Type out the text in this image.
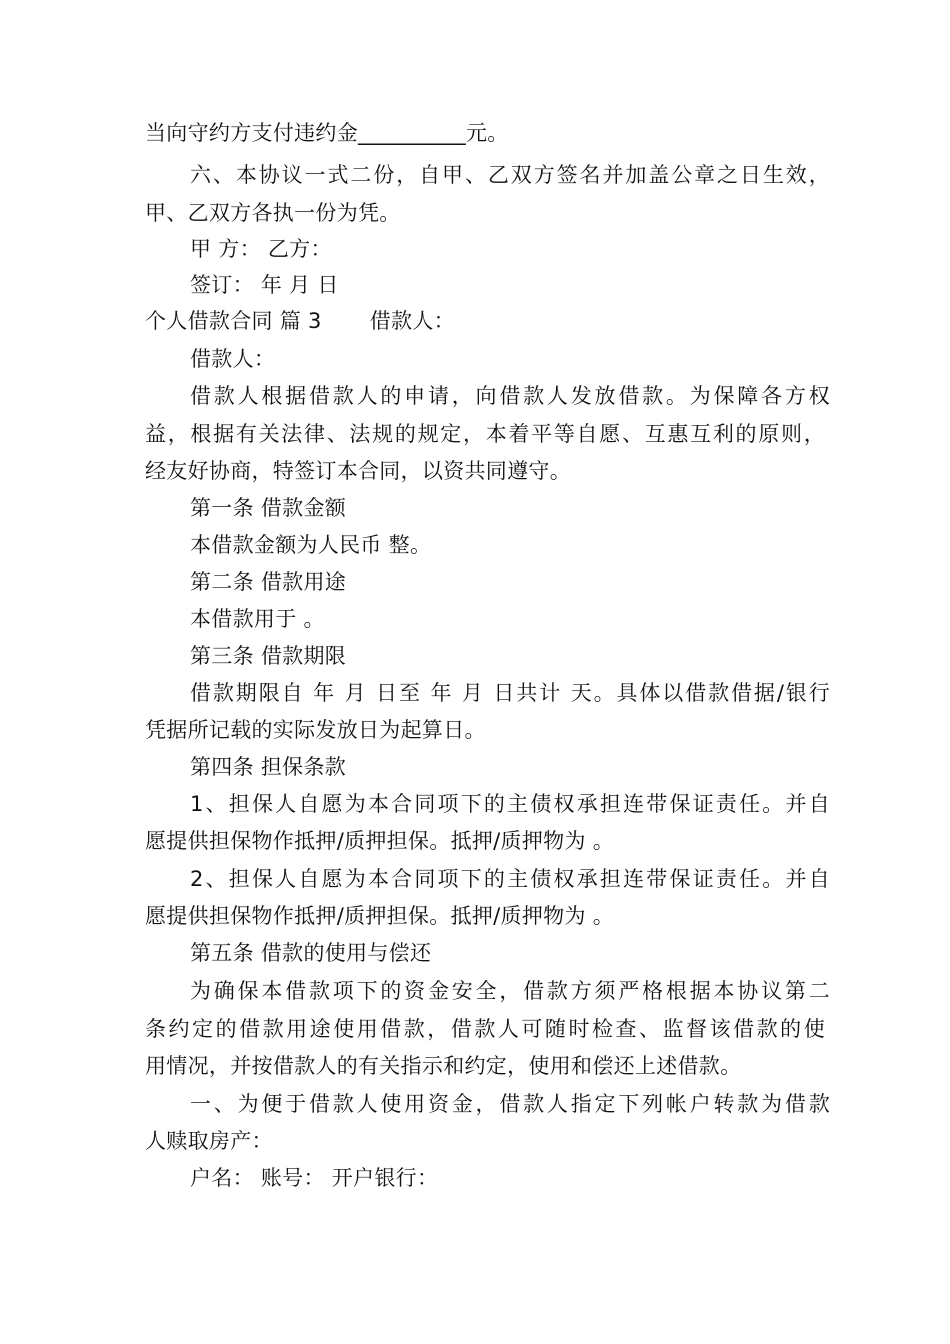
当向守约方支付违约金__________元。
六、本协议一式二份，自甲、乙双方签名并加盖公章之日生效，
甲、乙双方各执一份为凭。
甲 方： 乙方：
签订： 年 月 日
个人借款合同 篇 3 借款人：
借款人：
借款人根据借款人的申请，向借款人发放借款。为保障各方权
益，根据有关法律、法规的规定，本着平等自愿、互惠互利的原则，
经友好协商，特签订本合同，以资共同遵守。
第一条 借款金额
本借款金额为人民币 整。
第二条 借款用途
本借款用于 。
第三条 借款期限
借款期限自 年 月 日至 年 月 日共计 天。具体以借款借据/银行
凭据所记载的实际发放日为起算日。
第四条 担保条款
1、担保人自愿为本合同项下的主债权承担连带保证责任。并自
愿提供担保物作抵押/质押担保。抵押/质押物为 。
2、担保人自愿为本合同项下的主债权承担连带保证责任。并自
愿提供担保物作抵押/质押担保。抵押/质押物为 。
第五条 借款的使用与偿还
为确保本借款项下的资金安全，借款方须严格根据本协议第二
条约定的借款用途使用借款，借款人可随时检查、监督该借款的使
用情况，并按借款人的有关指示和约定，使用和偿还上述借款。
一、为便于借款人使用资金，借款人指定下列帐户转款为借款
人赎取房产：
户名： 账号： 开户银行：
